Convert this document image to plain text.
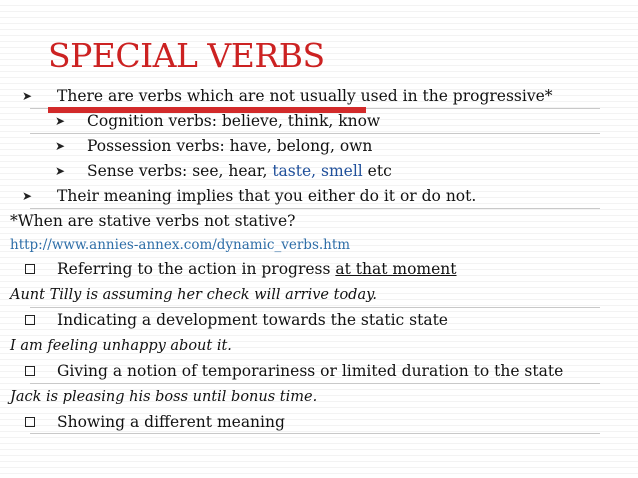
SPECIAL VERBS
➤ There are verbs which are not usually used in the progressive*
➤ Cognition verbs: believe, think, know
➤ Possession verbs: have, belong, own
➤ Sense verbs: see, hear, taste, smell etc
➤ Their meaning implies that you either do it or do not.
*When are stative verbs not stative?
http://www.annies-annex.com/dynamic_verbs.htm
Referring to the action in progress at that moment
Aunt Tilly is assuming her check will arrive today.
Indicating a development towards the static state
I am feeling unhappy about it.
Giving a notion of temporariness or limited duration to the state
Jack is pleasing his boss until bonus time.
Showing a different meaning
